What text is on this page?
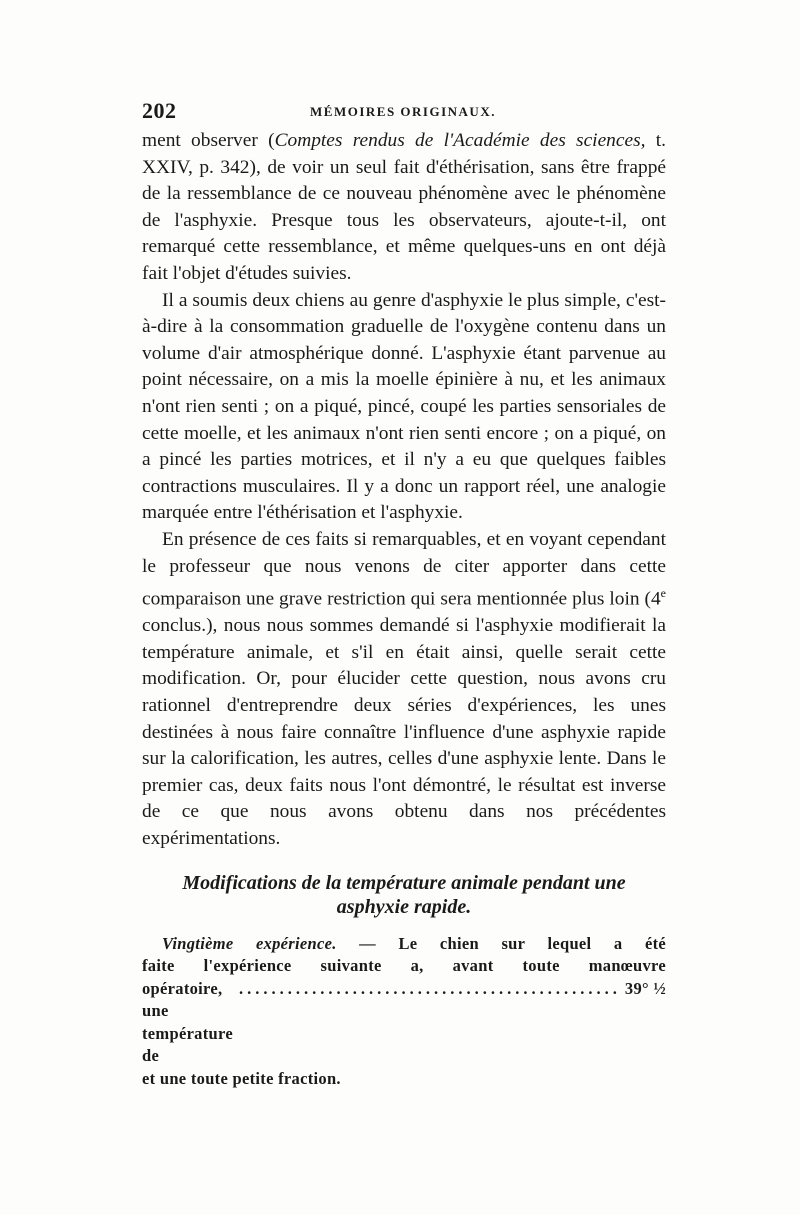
202	MÉMOIRES ORIGINAUX.

ment observer (Comptes rendus de l'Académie des sciences, t. XXIV, p. 342), de voir un seul fait d'éthérisation, sans être frappé de la ressemblance de ce nouveau phénomène avec le phénomène de l'asphyxie. Presque tous les observateurs, ajoute-t-il, ont remarqué cette ressemblance, et même quelques-uns en ont déjà fait l'objet d'études suivies.

Il a soumis deux chiens au genre d'asphyxie le plus simple, c'est-à-dire à la consommation graduelle de l'oxygène contenu dans un volume d'air atmosphérique donné. L'asphyxie étant parvenue au point nécessaire, on a mis la moelle épinière à nu, et les animaux n'ont rien senti ; on a piqué, pincé, coupé les parties sensoriales de cette moelle, et les animaux n'ont rien senti encore ; on a piqué, on a pincé les parties motrices, et il n'y a eu que quelques faibles contractions musculaires. Il y a donc un rapport réel, une analogie marquée entre l'éthérisation et l'asphyxie.

En présence de ces faits si remarquables, et en voyant cependant le professeur que nous venons de citer apporter dans cette comparaison une grave restriction qui sera mentionnée plus loin (4e conclus.), nous nous sommes demandé si l'asphyxie modifierait la température animale, et s'il en était ainsi, quelle serait cette modification. Or, pour élucider cette question, nous avons cru rationnel d'entreprendre deux séries d'expériences, les unes destinées à nous faire connaître l'influence d'une asphyxie rapide sur la calorification, les autres, celles d'une asphyxie lente. Dans le premier cas, deux faits nous l'ont démontré, le résultat est inverse de ce que nous avons obtenu dans nos précédentes expérimentations.

Modifications de la température animale pendant une
asphyxie rapide.
Vingtième expérience. — Le chien sur lequel a été
faite l'expérience suivante a, avant toute manœuvre
opératoire, une température de
............................................... 39° ½
et une toute petite fraction.
